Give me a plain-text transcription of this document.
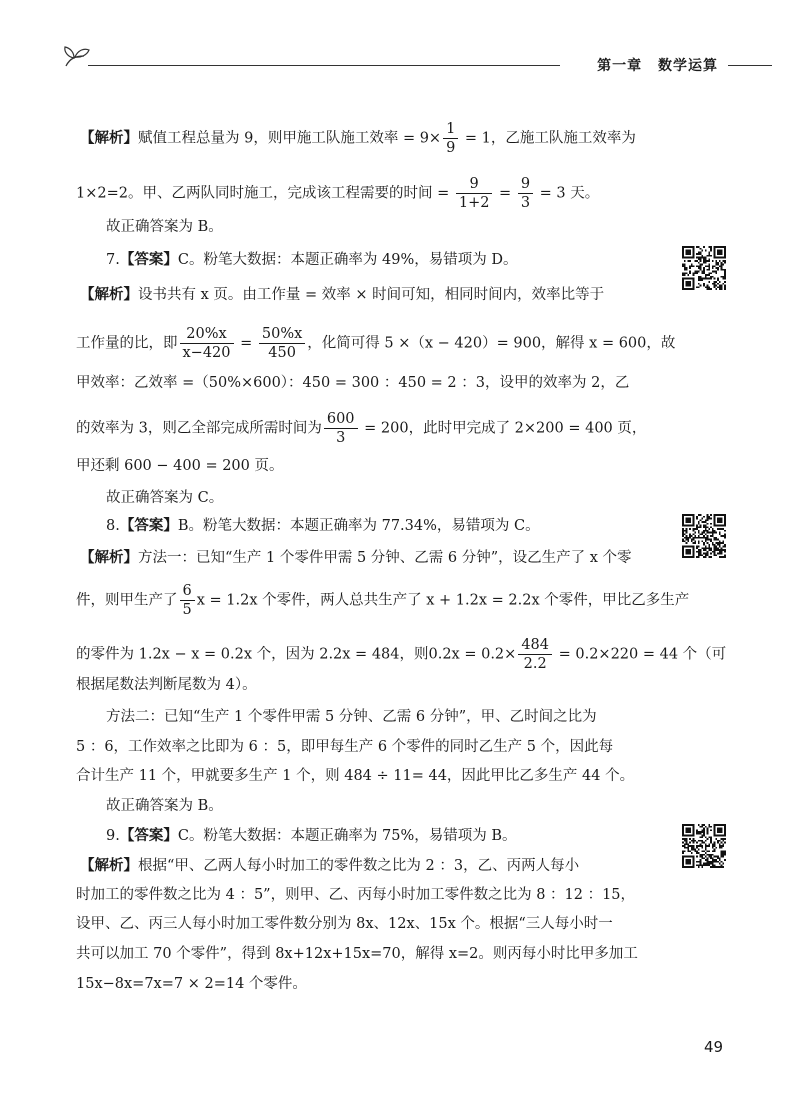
第一章 数学运算
【解析】赋值工程总量为 9，则甲施工队施工效率 = $9\times \frac{1}{9} = 1$，乙施工队施工效率为
1×2=2。甲、乙两队同时施工，完成该工程需要的时间 = $\frac{9}{1+2} = \frac{9}{3} = 3$ 天。
故正确答案为 B。
7.【答案】C。粉笔大数据：本题正确率为 49%，易错项为 D。
【解析】设书共有 x 页。由工作量 = 效率 × 时间可知，相同时间内，效率比等于
工作量的比，即 $\frac{20\%x}{x-420} = \frac{50\%x}{450}$ ，化简可得 5 ×（x − 420）= 900，解得 x = 600，故
甲效率：乙效率 =（50%×600）：450 = 300 ：450 = 2 ：3，设甲的效率为 2，乙
的效率为 3，则乙全部完成所需时间为 $\frac{600}{3} = 200$，此时甲完成了 2×200 = 400 页，
甲还剩 600 − 400 = 200 页。
故正确答案为 C。
8.【答案】B。粉笔大数据：本题正确率为 77.34%，易错项为 C。
【解析】方法一：已知“生产 1 个零件甲需 5 分钟、乙需 6 分钟”，设乙生产了 x 个零
件，则甲生产了 $\frac{6}{5}$ x = 1.2x 个零件，两人总共生产了 x + 1.2x = 2.2x 个零件，甲比乙多生产
的零件为 1.2x − x = 0.2x 个，因为 2.2x = 484，则$0.2x = 0.2\times \frac{484}{2.2} = 0.2\times 220 = 44$ 个（可
根据尾数法判断尾数为 4）。
方法二：已知“生产 1 个零件甲需 5 分钟、乙需 6 分钟”，甲、乙时间之比为
5 ：6，工作效率之比即为 6 ：5，即甲每生产 6 个零件的同时乙生产 5 个，因此每
合计生产 11 个，甲就要多生产 1 个，则 484 ÷ 11= 44，因此甲比乙多生产 44 个。
故正确答案为 B。
9.【答案】C。粉笔大数据：本题正确率为 75%，易错项为 B。
【解析】根据“甲、乙两人每小时加工的零件数之比为 2 ：3，乙、丙两人每小
时加工的零件数之比为 4 ：5”，则甲、乙、丙每小时加工零件数之比为 8 ：12 ：15，
设甲、乙、丙三人每小时加工零件数分别为 8x、12x、15x 个。根据“三人每小时一
共可以加工 70 个零件”，得到 8x+12x+15x=70，解得 x=2。则丙每小时比甲多加工
15x−8x=7x=7 × 2=14 个零件。
49
